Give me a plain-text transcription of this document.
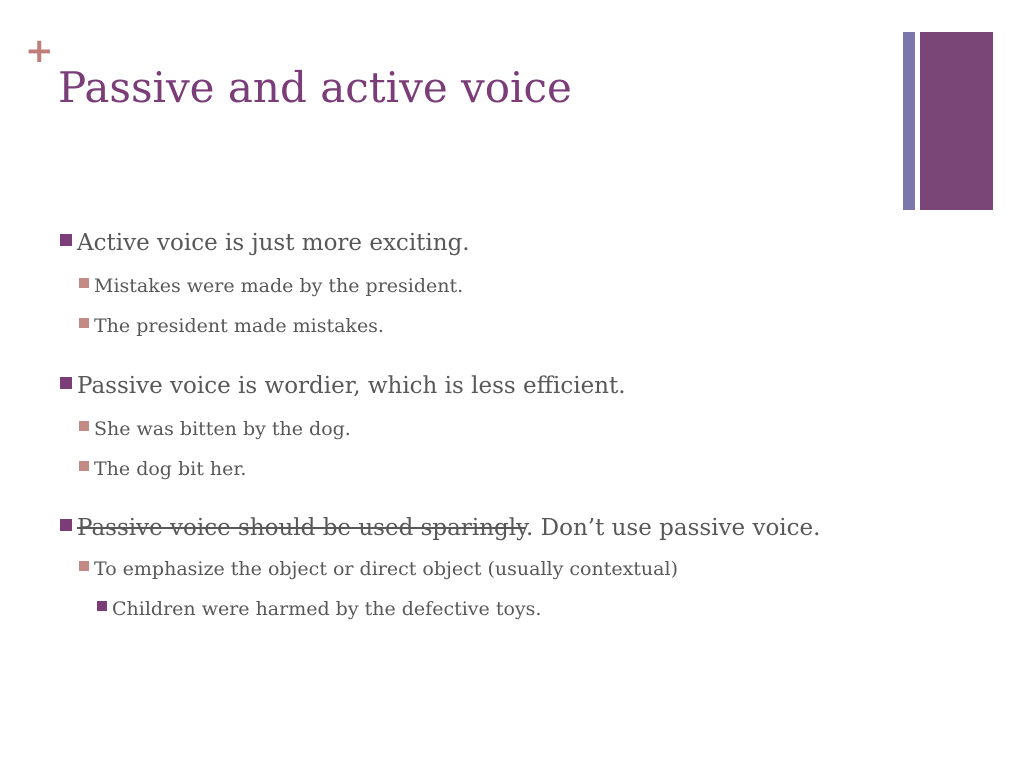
+
Passive and active voice
Active voice is just more exciting.
Mistakes were made by the president.
The president made mistakes.
Passive voice is wordier, which is less efficient.
She was bitten by the dog.
The dog bit her.
Passive voice should be used sparingly. Don’t use passive voice.
To emphasize the object or direct object (usually contextual)
Children were harmed by the defective toys.
